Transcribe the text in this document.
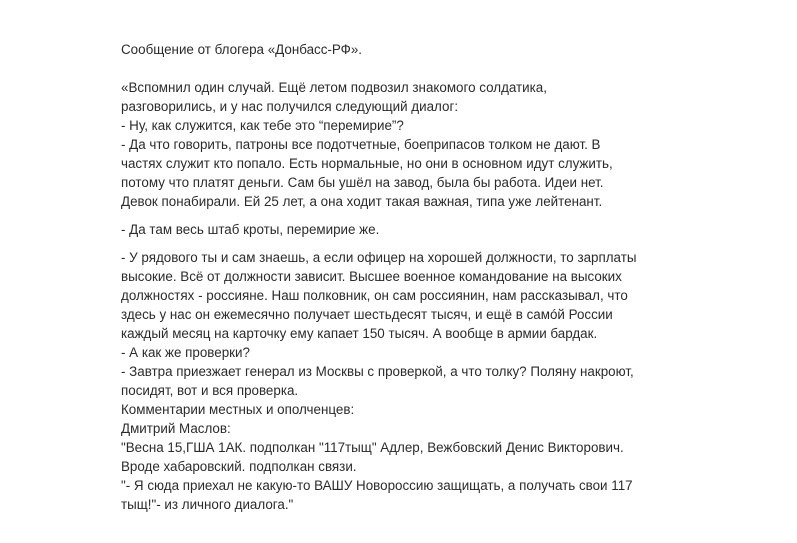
Сообщение от блогера «Донбасс-РФ».
«Вспомнил один случай. Ещё летом подвозил знакомого солдатика,
разговорились, и у нас получился следующий диалог:
- Ну, как служится, как тебе это “перемирие”?
- Да что говорить, патроны все подотчетные, боеприпасов толком не дают. В
частях служит кто попало. Есть нормальные, но они в основном идут служить,
потому что платят деньги. Сам бы ушёл на завод, была бы работа. Идеи нет.
Девок понабирали. Ей 25 лет, а она ходит такая важная, типа уже лейтенант.
- Да там весь штаб кроты, перемирие же.
- У рядового ты и сам знаешь, а если офицер на хорошей должности, то зарплаты
высокие. Всё от должности зависит. Высшее военное командование на высоких
должностях - россияне. Наш полковник, он сам россиянин, нам рассказывал, что
здесь у нас он ежемесячно получает шестьдесят тысяч, и ещё в самóй России
каждый месяц на карточку ему капает 150 тысяч. А вообще в армии бардак.
- А как же проверки?
- Завтра приезжает генерал из Москвы с проверкой, а что толку? Поляну накроют,
посидят, вот и вся проверка.
Комментарии местных и ополченцев:
Дмитрий Маслов:
"Весна 15,ГША 1АК. подполкан "117тыщ" Адлер, Вежбовский Денис Викторович.
Вроде хабаровский. подполкан связи.
"- Я сюда приехал не какую-то ВАШУ Новороссию защищать, а получать свои 117
тыщ!"- из личного диалога."
